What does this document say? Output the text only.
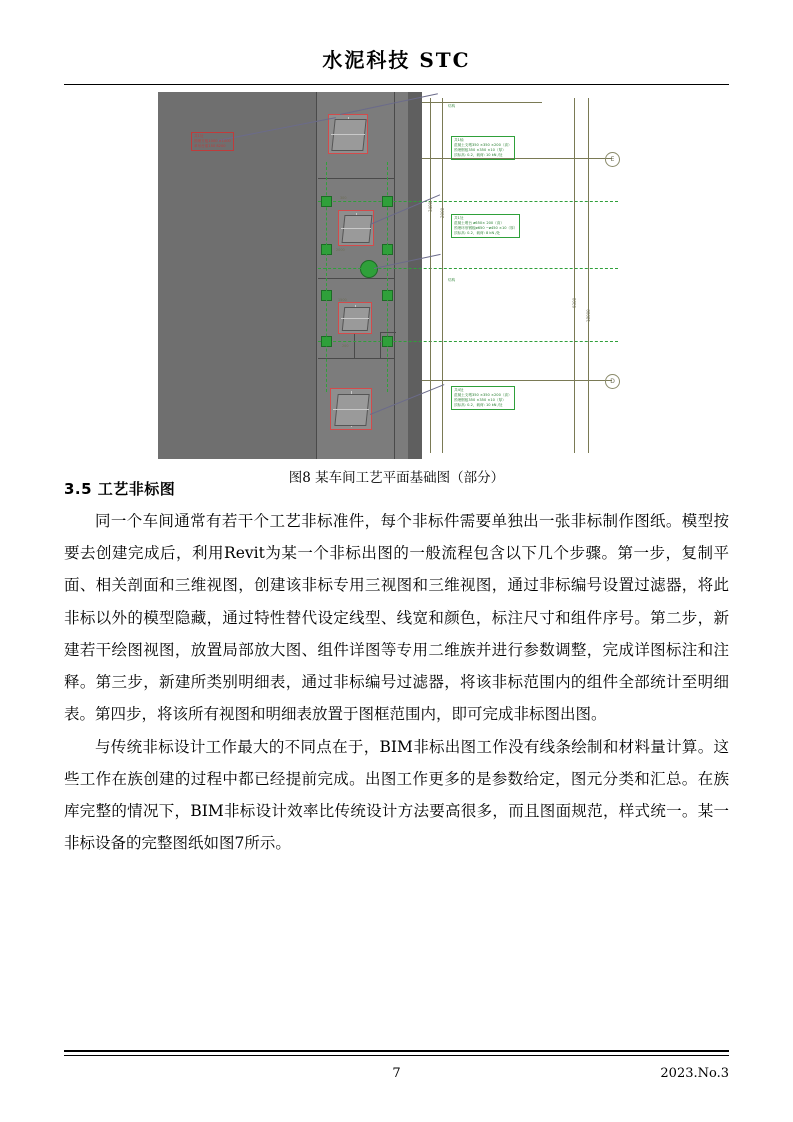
水泥科技 STC
E
D
共1处
预埋方板1000 ×1000
单吊台重150 8200
共1轴
混凝土支墩350 ×350 ×200（高）
预埋钢板350 ×350 ×10（厚）
顶标高: 0.2，载荷: 10 kN /处
共1处
混凝土墩台 ø650× 200（高）
预埋环形钢板ø650 −ø450 ×10（厚）
顶标高: 0.2，载荷: 8 kN /处
共4处
混凝土支墩350 ×350 ×200（高）
预埋钢板350 ×350 ×10（厚）
顶标高: 0.2，载荷: 10 kN /处
结构
结构
300
2000
1500
200
3400
2000
9300
18000
图8 某车间工艺平面基础图（部分）
3.5 工艺非标图

同一个车间通常有若干个工艺非标准件，每个非标件需要单独出一张非标制作图纸。模型按要去创建完成后，利用Revit为某一个非标出图的一般流程包含以下几个步骤。第一步，复制平面、相关剖面和三维视图，创建该非标专用三视图和三维视图，通过非标编号设置过滤器，将此非标以外的模型隐藏，通过特性替代设定线型、线宽和颜色，标注尺寸和组件序号。第二步，新建若干绘图视图，放置局部放大图、组件详图等专用二维族并进行参数调整，完成详图标注和注释。第三步，新建所类别明细表，通过非标编号过滤器，将该非标范围内的组件全部统计至明细表。第四步，将该所有视图和明细表放置于图框范围内，即可完成非标图出图。

与传统非标设计工作最大的不同点在于，BIM非标出图工作没有线条绘制和材料量计算。这些工作在族创建的过程中都已经提前完成。出图工作更多的是参数给定，图元分类和汇总。在族库完整的情况下，BIM非标设计效率比传统设计方法要高很多，而且图面规范，样式统一。某一非标设备的完整图纸如图7所示。

7	2023.No.3
